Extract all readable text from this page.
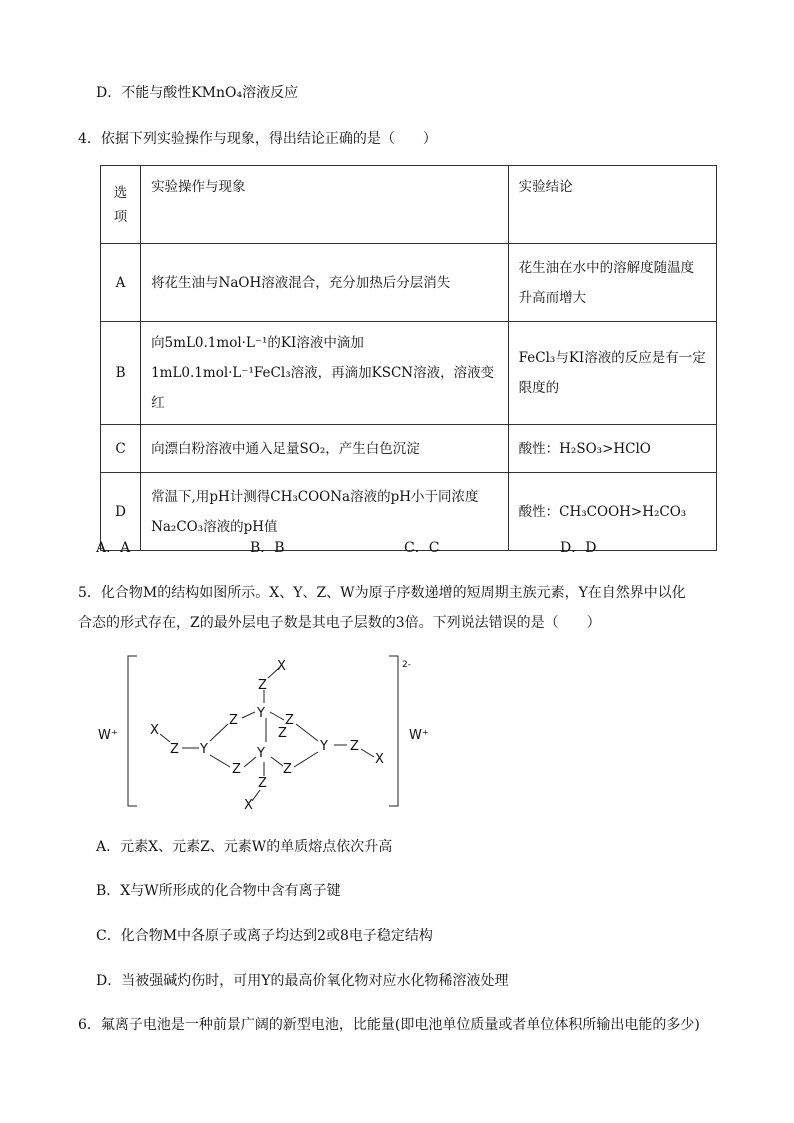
D．不能与酸性KMnO₄溶液反应
4．依据下列实验操作与现象，得出结论正确的是（　　）
选项	实验操作与现象	实验结论
A	将花生油与NaOH溶液混合，充分加热后分层消失	花生油在水中的溶解度随温度升高而增大
B	向5mL0.1mol·L⁻¹的KI溶液中滴加1mL0.1mol·L⁻¹FeCl₃溶液，再滴加KSCN溶液，溶液变红	FeCl₃与KI溶液的反应是有一定限度的
C	向漂白粉溶液中通入足量SO₂，产生白色沉淀	酸性：H₂SO₃>HClO
D	常温下,用pH计测得CH₃COONa溶液的pH小于同浓度Na₂CO₃溶液的pH值	酸性：CH₃COOH>H₂CO₃
A．A	B．B	C．C	D．D
5．化合物M的结构如图所示。X、Y、Z、W为原子序数递增的短周期主族元素，Y在自然界中以化
合态的形式存在，Z的最外层电子数是其电子层数的3倍。下列说法错误的是（　　）
W⁺	W⁺
2-
X
Z Y
Z
Z
X
Z
Y Z
Z
Y
Z
Z
X
Y Z
X
A．元素X、元素Z、元素W的单质熔点依次升高
B．X与W所形成的化合物中含有离子键
C．化合物M中各原子或离子均达到2或8电子稳定结构
D．当被强碱灼伤时，可用Y的最高价氧化物对应水化物稀溶液处理
6．氟离子电池是一种前景广阔的新型电池，比能量(即电池单位质量或者单位体积所输出电能的多少)
